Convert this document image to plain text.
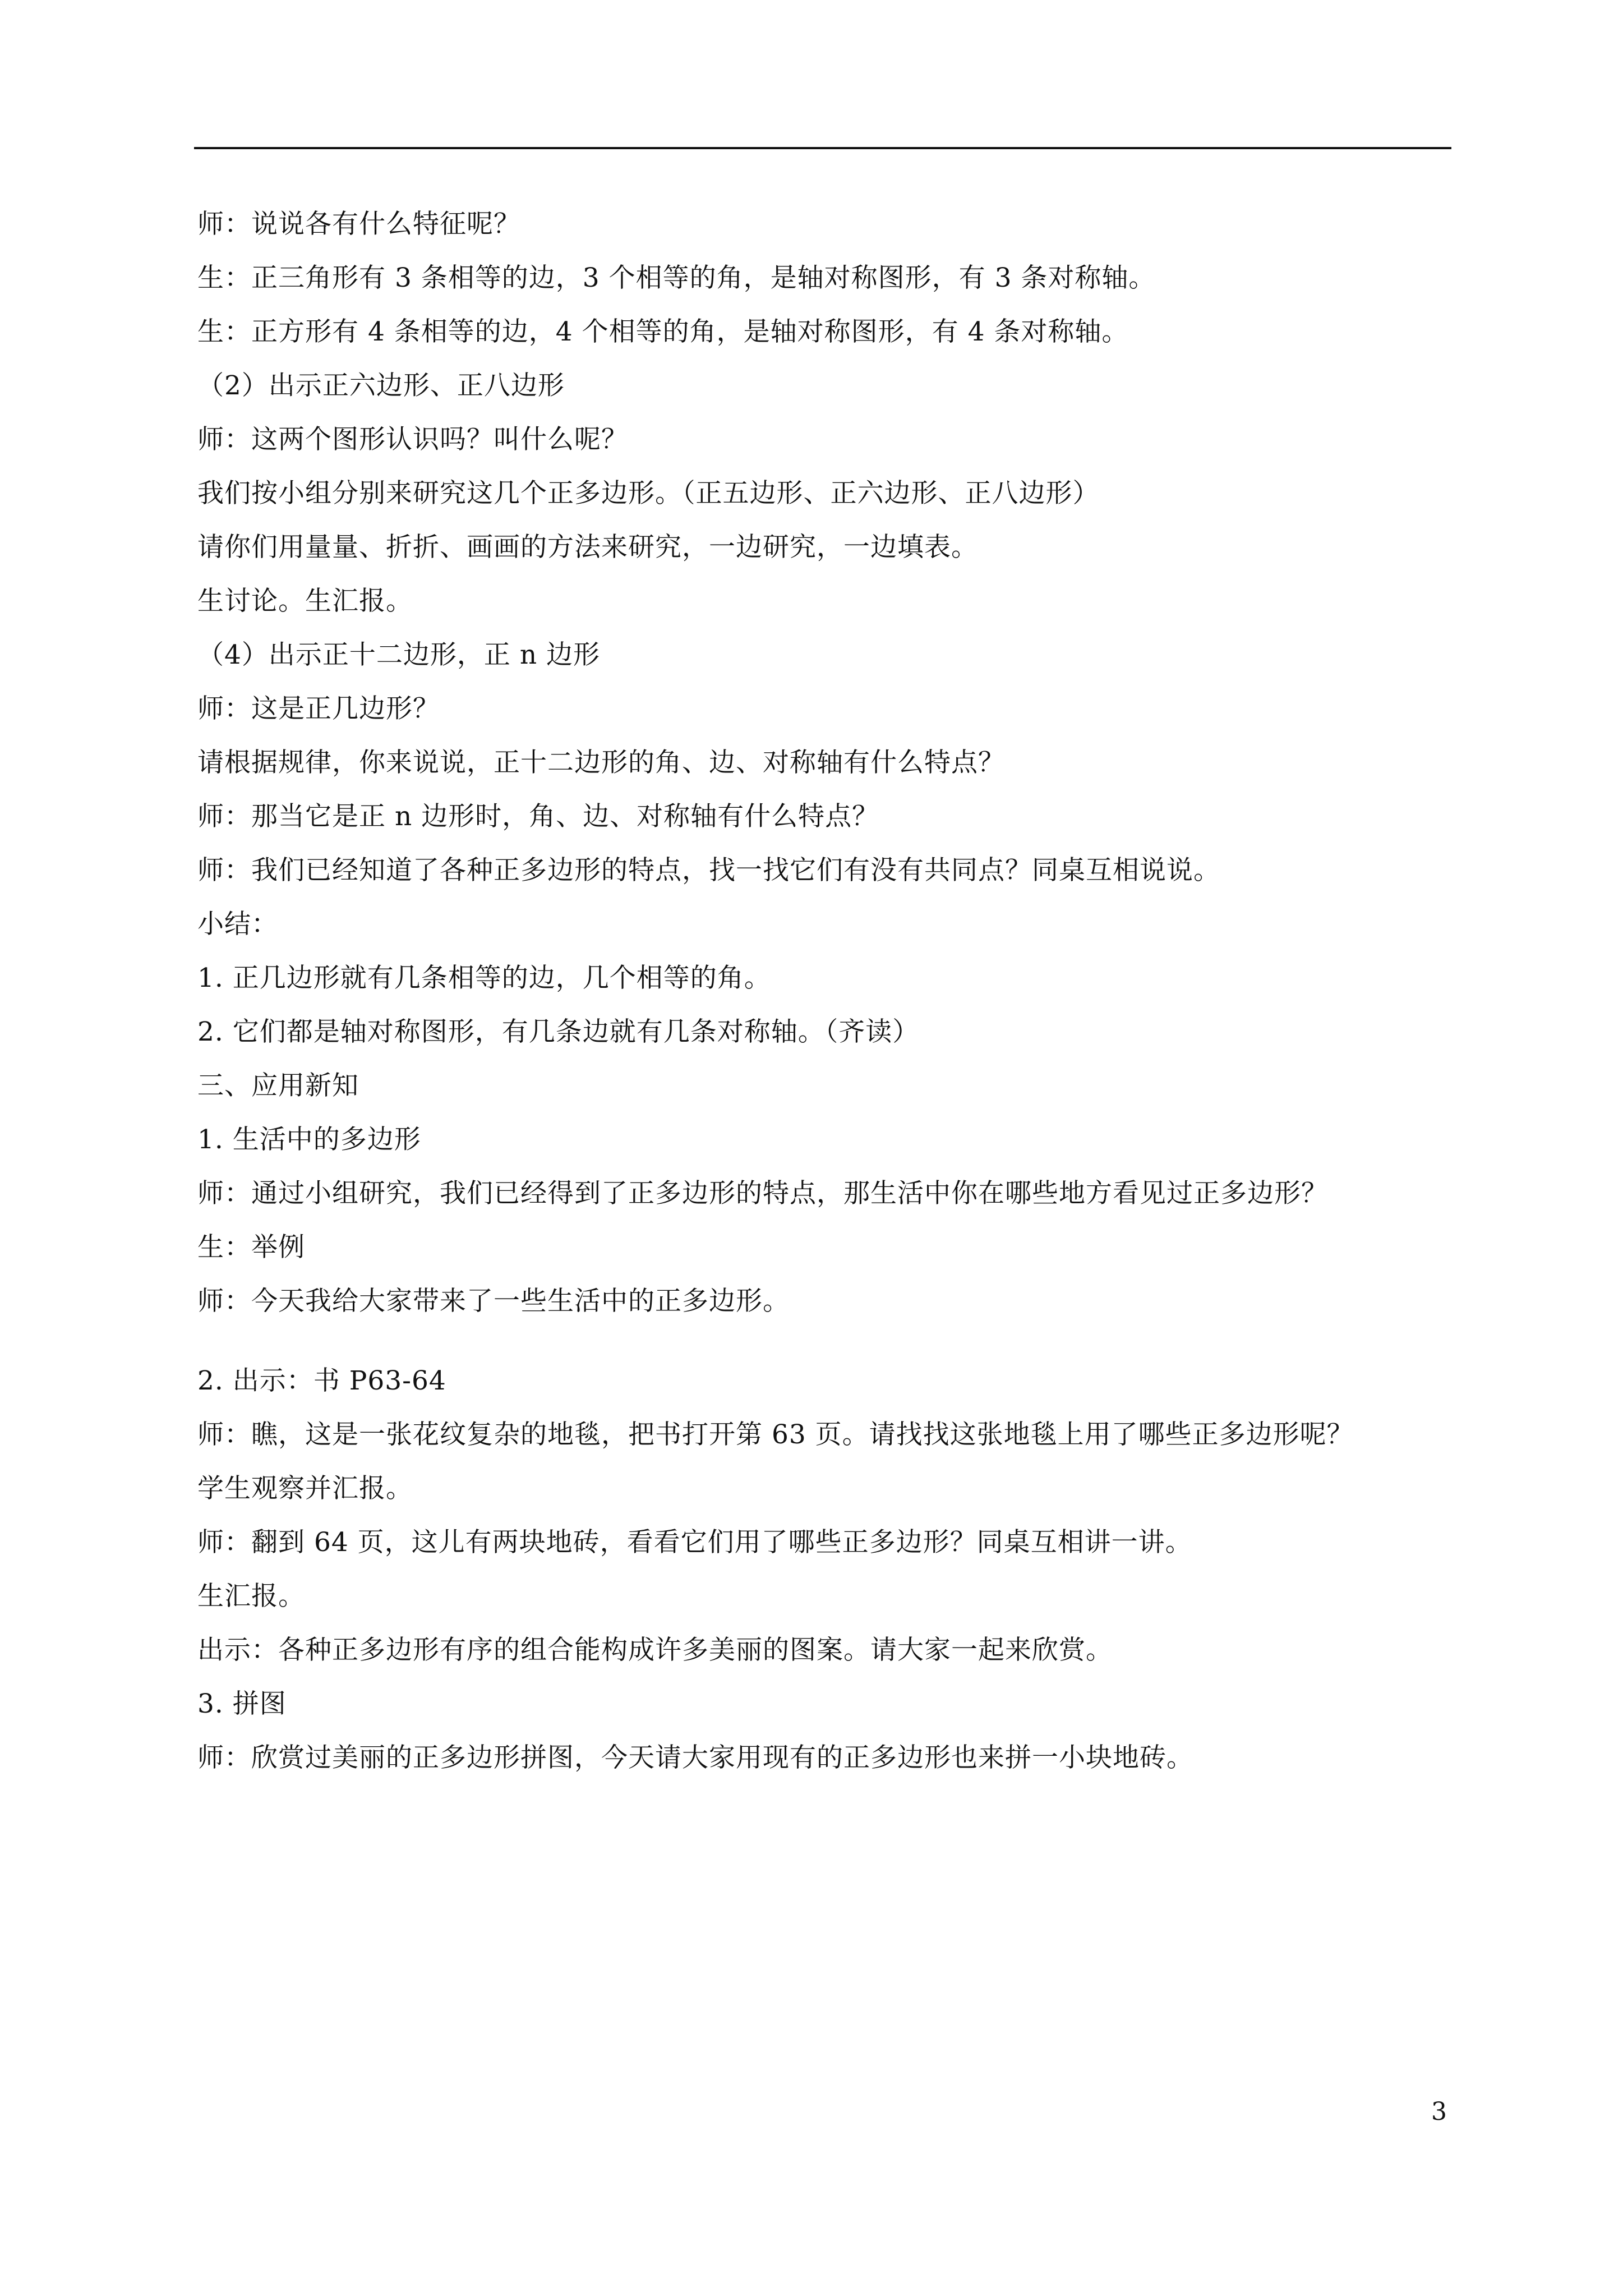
师：说说各有什么特征呢？
生：正三角形有 3 条相等的边，3 个相等的角，是轴对称图形，有 3 条对称轴。
生：正方形有 4 条相等的边，4 个相等的角，是轴对称图形，有 4 条对称轴。
（2）出示正六边形、正八边形
师：这两个图形认识吗？叫什么呢？
我们按小组分别来研究这几个正多边形。（正五边形、正六边形、正八边形）
请你们用量量、折折、画画的方法来研究，一边研究，一边填表。
生讨论。生汇报。
（4）出示正十二边形，正 n 边形
师：这是正几边形？
请根据规律，你来说说，正十二边形的角、边、对称轴有什么特点？
师：那当它是正 n 边形时，角、边、对称轴有什么特点？
师：我们已经知道了各种正多边形的特点，找一找它们有没有共同点？同桌互相说说。
小结：
1. 正几边形就有几条相等的边，几个相等的角。
2. 它们都是轴对称图形，有几条边就有几条对称轴。（齐读）
三、应用新知
1. 生活中的多边形
师：通过小组研究，我们已经得到了正多边形的特点，那生活中你在哪些地方看见过正多边形？
生：举例
师：今天我给大家带来了一些生活中的正多边形。
2. 出示：书 P63-64
师：瞧，这是一张花纹复杂的地毯，把书打开第 63 页。请找找这张地毯上用了哪些正多边形呢？
学生观察并汇报。
师：翻到 64 页，这儿有两块地砖，看看它们用了哪些正多边形？同桌互相讲一讲。
生汇报。
出示：各种正多边形有序的组合能构成许多美丽的图案。请大家一起来欣赏。
3. 拼图
师：欣赏过美丽的正多边形拼图，今天请大家用现有的正多边形也来拼一小块地砖。
3
